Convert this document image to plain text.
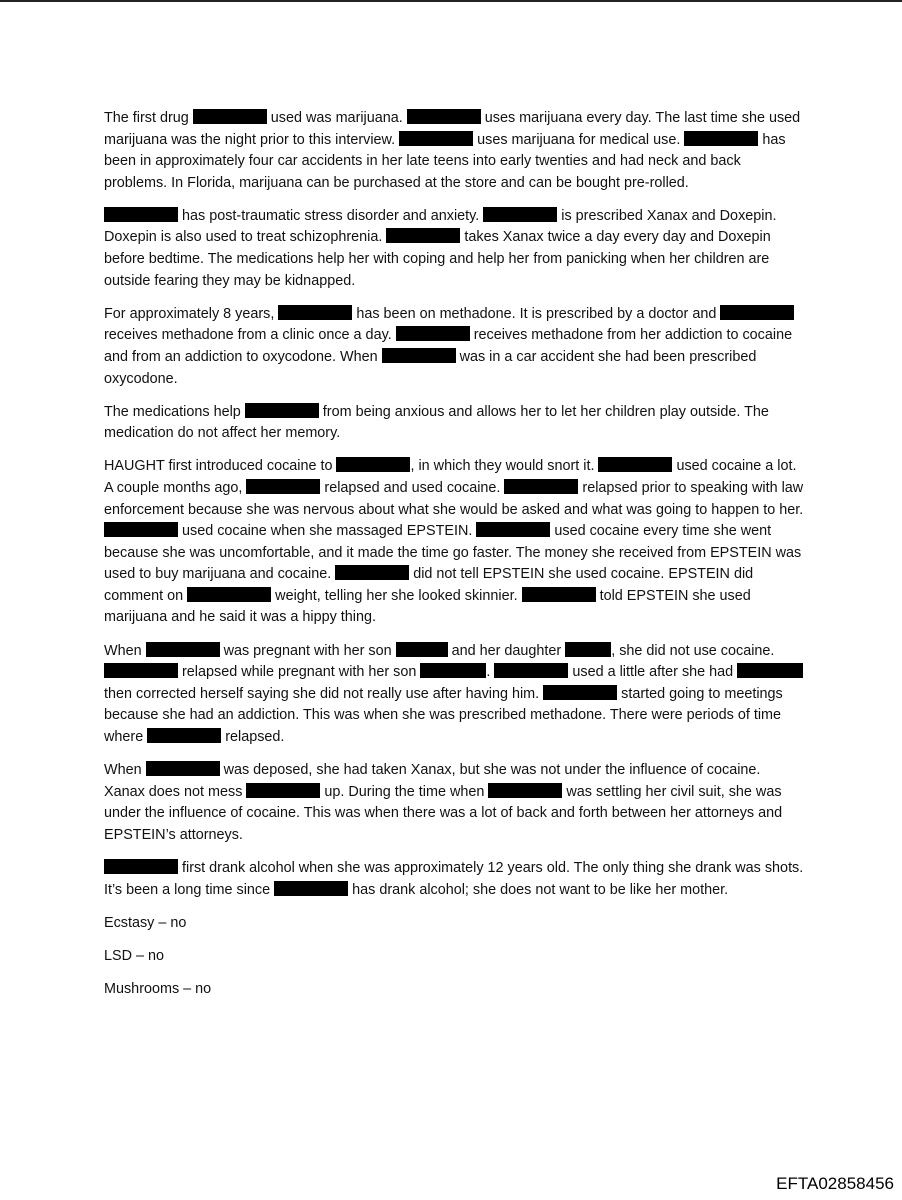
The first drug	used was marijuana.	uses marijuana every day. The last time she used marijuana was the night prior to this interview.	uses marijuana for medical use.	has been in approximately four car accidents in her late teens into early twenties and had neck and back problems. In Florida, marijuana can be purchased at the store and can be bought pre-rolled.

has post-traumatic stress disorder and anxiety.	is prescribed Xanax and Doxepin. Doxepin is also used to treat schizophrenia.	takes Xanax twice a day every day and Doxepin before bedtime. The medications help her with coping and help her from panicking when her children are outside fearing they may be kidnapped.

For approximately 8 years,	has been on methadone. It is prescribed by a doctor and  receives methadone from a clinic once a day.	receives methadone from her addiction to cocaine and from an addiction to oxycodone. When	was in a car accident she had been prescribed oxycodone.

The medications help	from being anxious and allows her to let her children play outside. The medication do not affect her memory.

HAUGHT first introduced cocaine to	, in which they would snort it.	used cocaine a lot. A couple months ago,	relapsed and used cocaine.	relapsed prior to speaking with law enforcement because she was nervous about what she would be asked and what was going to happen to her.  used cocaine when she massaged EPSTEIN.	used cocaine every time she went because she was uncomfortable, and it made the time go faster. The money she received from EPSTEIN was used to buy marijuana and cocaine.	did not tell EPSTEIN she used cocaine. EPSTEIN did comment on	weight, telling her she looked skinnier.	told EPSTEIN she used marijuana and he said it was a hippy thing.

When	was pregnant with her son	and her daughter	, she did not use cocaine.  relapsed while pregnant with her son	.	used a little after she had  then corrected herself saying she did not really use after having him.	started going to meetings because she had an addiction. This was when she was prescribed methadone. There were periods of time where	relapsed.

When	was deposed, she had taken Xanax, but she was not under the influence of cocaine. Xanax does not mess	up. During the time when	was settling her civil suit, she was under the influence of cocaine. This was when there was a lot of back and forth between her attorneys and EPSTEIN’s attorneys.

first drank alcohol when she was approximately 12 years old. The only thing she drank was shots. It’s been a long time since	has drank alcohol; she does not want to be like her mother.

Ecstasy – no

LSD – no

Mushrooms – no

EFTA02858456
